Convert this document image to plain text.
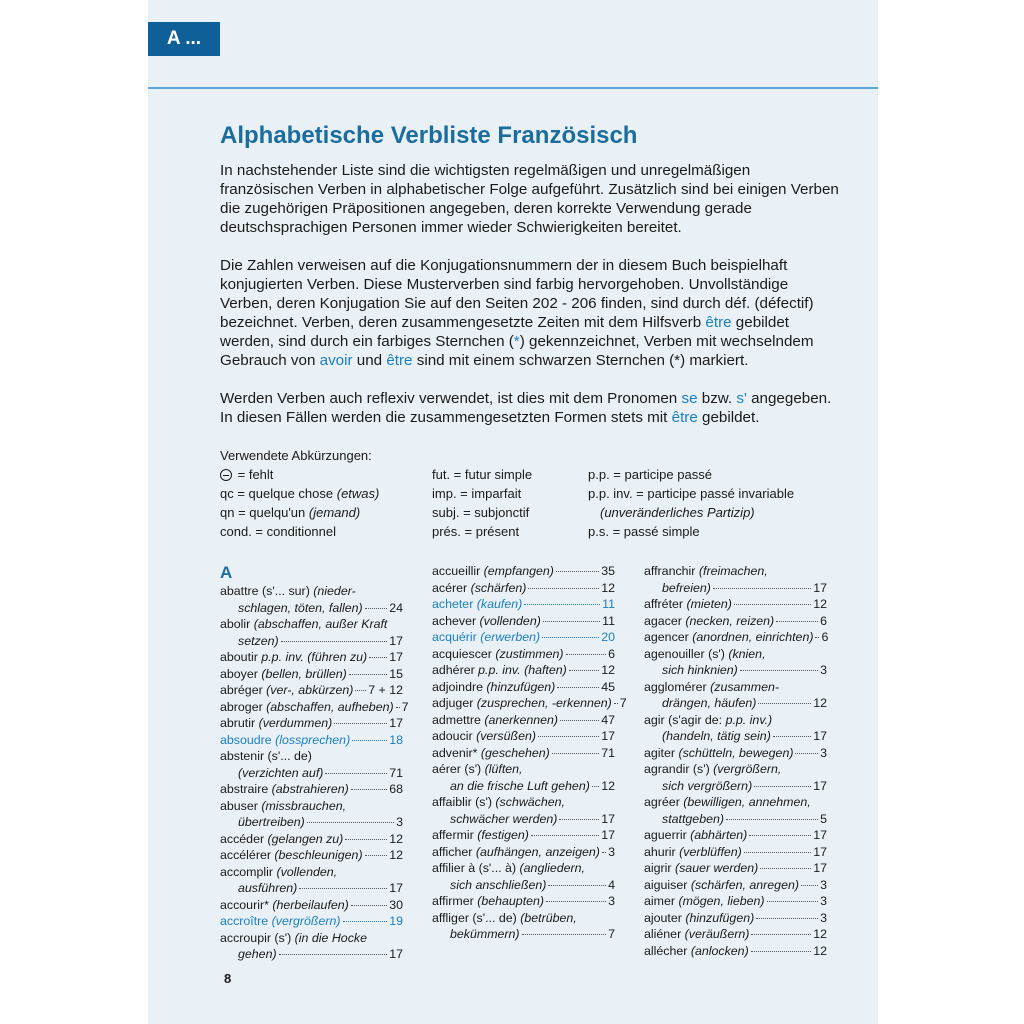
A ...
Alphabetische Verbliste Französisch

In nachstehender Liste sind die wichtigsten regelmäßigen und unregelmäßigen französischen Verben in alphabetischer Folge aufgeführt. Zusätzlich sind bei einigen Verben die zugehörigen Präpositionen angegeben, deren korrekte Verwendung gerade deutschsprachigen Personen immer wieder Schwierigkeiten bereitet.

Die Zahlen verweisen auf die Konjugationsnummern der in diesem Buch beispielhaft konjugierten Verben. Diese Musterverben sind farbig hervorgehoben. Unvollständige Verben, deren Konjugation Sie auf den Seiten 202 - 206 finden, sind durch déf. (défectif) bezeichnet. Verben, deren zusammengesetzte Zeiten mit dem Hilfsverb être gebildet werden, sind durch ein farbiges Sternchen (*) gekennzeichnet, Verben mit wechselndem Gebrauch von avoir und être sind mit einem schwarzen Sternchen (*) markiert.

Werden Verben auch reflexiv verwendet, ist dies mit dem Pronomen se bzw. s' angegeben. In diesen Fällen werden die zusammengesetzten Formen stets mit être gebildet.

Verwendete Abkürzungen:
= fehlt	fut. = futur simple	p.p. = participe passé
qc = quelque chose (etwas)	imp. = imparfait	p.p. inv. = participe passé invariable
qn = quelqu'un (jemand)	subj. = subjonctif	(unveränderliches Partizip)
cond. = conditionnel	prés. = présent	p.s. = passé simple
A
abattre (s'... sur) (nieder-
schlagen, töten, fallen) 24
abolir (abschaffen, außer Kraft
setzen)	17
aboutir p.p. inv. (führen zu) 17
aboyer (bellen, brüllen)	15
abréger (ver-, abkürzen) 7 + 12
abroger (abschaffen, aufheben) 7
abrutir (verdummen)	17
absoudre (lossprechen)	18
abstenir (s'... de)
(verzichten auf)	71
abstraire (abstrahieren)	68
abuser (missbrauchen,
übertreiben)	3
accéder (gelangen zu)	12
accélérer (beschleunigen) 12
accomplir (vollenden,
ausführen)	17
accourir* (herbeilaufen)	30
accroître (vergrößern)	19
accroupir (s') (in die Hocke
gehen)	17
accueillir (empfangen)	35
acérer (schärfen)	12
acheter (kaufen)	11
achever (vollenden)	11
acquérir (erwerben)	20
acquiescer (zustimmen)	6
adhérer p.p. inv. (haften)	12
adjoindre (hinzufügen)	45
adjuger (zusprechen, -erkennen) 7
admettre (anerkennen)	47
adoucir (versüßen)	17
advenir* (geschehen)	71
aérer (s') (lüften,
an die frische Luft gehen) 12
affaiblir (s') (schwächen,
schwächer werden)	17
affermir (festigen)	17
afficher (aufhängen, anzeigen) 3
affilier à (s'... à) (angliedern,
sich anschließen)	4
affirmer (behaupten)	3
affliger (s'... de) (betrüben,
bekümmern)	7
affranchir (freimachen,
befreien)	17
affréter (mieten)	12
agacer (necken, reizen)	6
agencer (anordnen, einrichten) 6
agenouiller (s') (knien,
sich hinknien)	3
agglomérer (zusammen-
drängen, häufen)	12
agir (s'agir de: p.p. inv.)
(handeln, tätig sein)	17
agiter (schütteln, bewegen) 3
agrandir (s') (vergrößern,
sich vergrößern)	17
agréer (bewilligen, annehmen,
stattgeben)	5
aguerrir (abhärten)	17
ahurir (verblüffen)	17
aigrir (sauer werden)	17
aiguiser (schärfen, anregen) 3
aimer (mögen, lieben)	3
ajouter (hinzufügen)	3
aliéner (veräußern)	12
allécher (anlocken)	12
8
